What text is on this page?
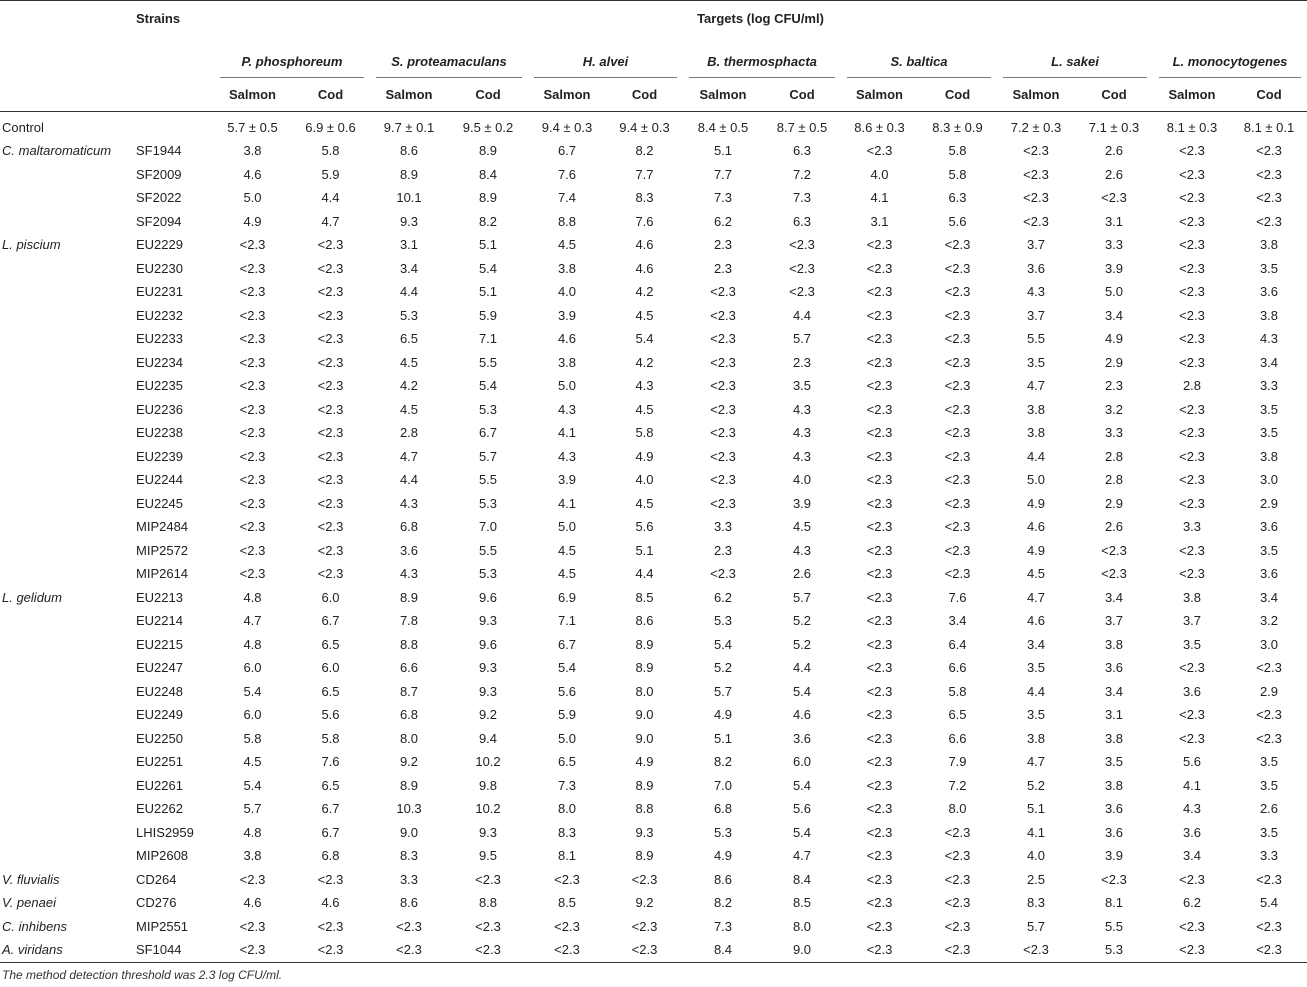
	Strains	Targets (log CFU/ml)													
		P. phosphoreum		S. proteamaculans		H. alvei		B. thermosphacta		S. baltica		L. sakei		L. monocytogenes	
		Salmon	Cod	Salmon	Cod	Salmon	Cod	Salmon	Cod	Salmon	Cod	Salmon	Cod	Salmon	Cod
Control		5.7 ± 0.5	6.9 ± 0.6	9.7 ± 0.1	9.5 ± 0.2	9.4 ± 0.3	9.4 ± 0.3	8.4 ± 0.5	8.7 ± 0.5	8.6 ± 0.3	8.3 ± 0.9	7.2 ± 0.3	7.1 ± 0.3	8.1 ± 0.3	8.1 ± 0.1
C. maltaromaticum	SF1944	3.8	5.8	8.6	8.9	6.7	8.2	5.1	6.3	<2.3	5.8	<2.3	2.6	<2.3	<2.3
	SF2009	4.6	5.9	8.9	8.4	7.6	7.7	7.7	7.2	4.0	5.8	<2.3	2.6	<2.3	<2.3
	SF2022	5.0	4.4	10.1	8.9	7.4	8.3	7.3	7.3	4.1	6.3	<2.3	<2.3	<2.3	<2.3
	SF2094	4.9	4.7	9.3	8.2	8.8	7.6	6.2	6.3	3.1	5.6	<2.3	3.1	<2.3	<2.3
L. piscium	EU2229	<2.3	<2.3	3.1	5.1	4.5	4.6	2.3	<2.3	<2.3	<2.3	3.7	3.3	<2.3	3.8
	EU2230	<2.3	<2.3	3.4	5.4	3.8	4.6	2.3	<2.3	<2.3	<2.3	3.6	3.9	<2.3	3.5
	EU2231	<2.3	<2.3	4.4	5.1	4.0	4.2	<2.3	<2.3	<2.3	<2.3	4.3	5.0	<2.3	3.6
	EU2232	<2.3	<2.3	5.3	5.9	3.9	4.5	<2.3	4.4	<2.3	<2.3	3.7	3.4	<2.3	3.8
	EU2233	<2.3	<2.3	6.5	7.1	4.6	5.4	<2.3	5.7	<2.3	<2.3	5.5	4.9	<2.3	4.3
	EU2234	<2.3	<2.3	4.5	5.5	3.8	4.2	<2.3	2.3	<2.3	<2.3	3.5	2.9	<2.3	3.4
	EU2235	<2.3	<2.3	4.2	5.4	5.0	4.3	<2.3	3.5	<2.3	<2.3	4.7	2.3	2.8	3.3
	EU2236	<2.3	<2.3	4.5	5.3	4.3	4.5	<2.3	4.3	<2.3	<2.3	3.8	3.2	<2.3	3.5
	EU2238	<2.3	<2.3	2.8	6.7	4.1	5.8	<2.3	4.3	<2.3	<2.3	3.8	3.3	<2.3	3.5
	EU2239	<2.3	<2.3	4.7	5.7	4.3	4.9	<2.3	4.3	<2.3	<2.3	4.4	2.8	<2.3	3.8
	EU2244	<2.3	<2.3	4.4	5.5	3.9	4.0	<2.3	4.0	<2.3	<2.3	5.0	2.8	<2.3	3.0
	EU2245	<2.3	<2.3	4.3	5.3	4.1	4.5	<2.3	3.9	<2.3	<2.3	4.9	2.9	<2.3	2.9
	MIP2484	<2.3	<2.3	6.8	7.0	5.0	5.6	3.3	4.5	<2.3	<2.3	4.6	2.6	3.3	3.6
	MIP2572	<2.3	<2.3	3.6	5.5	4.5	5.1	2.3	4.3	<2.3	<2.3	4.9	<2.3	<2.3	3.5
	MIP2614	<2.3	<2.3	4.3	5.3	4.5	4.4	<2.3	2.6	<2.3	<2.3	4.5	<2.3	<2.3	3.6
L. gelidum	EU2213	4.8	6.0	8.9	9.6	6.9	8.5	6.2	5.7	<2.3	7.6	4.7	3.4	3.8	3.4
	EU2214	4.7	6.7	7.8	9.3	7.1	8.6	5.3	5.2	<2.3	3.4	4.6	3.7	3.7	3.2
	EU2215	4.8	6.5	8.8	9.6	6.7	8.9	5.4	5.2	<2.3	6.4	3.4	3.8	3.5	3.0
	EU2247	6.0	6.0	6.6	9.3	5.4	8.9	5.2	4.4	<2.3	6.6	3.5	3.6	<2.3	<2.3
	EU2248	5.4	6.5	8.7	9.3	5.6	8.0	5.7	5.4	<2.3	5.8	4.4	3.4	3.6	2.9
	EU2249	6.0	5.6	6.8	9.2	5.9	9.0	4.9	4.6	<2.3	6.5	3.5	3.1	<2.3	<2.3
	EU2250	5.8	5.8	8.0	9.4	5.0	9.0	5.1	3.6	<2.3	6.6	3.8	3.8	<2.3	<2.3
	EU2251	4.5	7.6	9.2	10.2	6.5	4.9	8.2	6.0	<2.3	7.9	4.7	3.5	5.6	3.5
	EU2261	5.4	6.5	8.9	9.8	7.3	8.9	7.0	5.4	<2.3	7.2	5.2	3.8	4.1	3.5
	EU2262	5.7	6.7	10.3	10.2	8.0	8.8	6.8	5.6	<2.3	8.0	5.1	3.6	4.3	2.6
	LHIS2959	4.8	6.7	9.0	9.3	8.3	9.3	5.3	5.4	<2.3	<2.3	4.1	3.6	3.6	3.5
	MIP2608	3.8	6.8	8.3	9.5	8.1	8.9	4.9	4.7	<2.3	<2.3	4.0	3.9	3.4	3.3
V. fluvialis	CD264	<2.3	<2.3	3.3	<2.3	<2.3	<2.3	8.6	8.4	<2.3	<2.3	2.5	<2.3	<2.3	<2.3
V. penaei	CD276	4.6	4.6	8.6	8.8	8.5	9.2	8.2	8.5	<2.3	<2.3	8.3	8.1	6.2	5.4
C. inhibens	MIP2551	<2.3	<2.3	<2.3	<2.3	<2.3	<2.3	7.3	8.0	<2.3	<2.3	5.7	5.5	<2.3	<2.3
A. viridans	SF1044	<2.3	<2.3	<2.3	<2.3	<2.3	<2.3	8.4	9.0	<2.3	<2.3	<2.3	5.3	<2.3	<2.3
The method detection threshold was 2.3 log CFU/ml.
